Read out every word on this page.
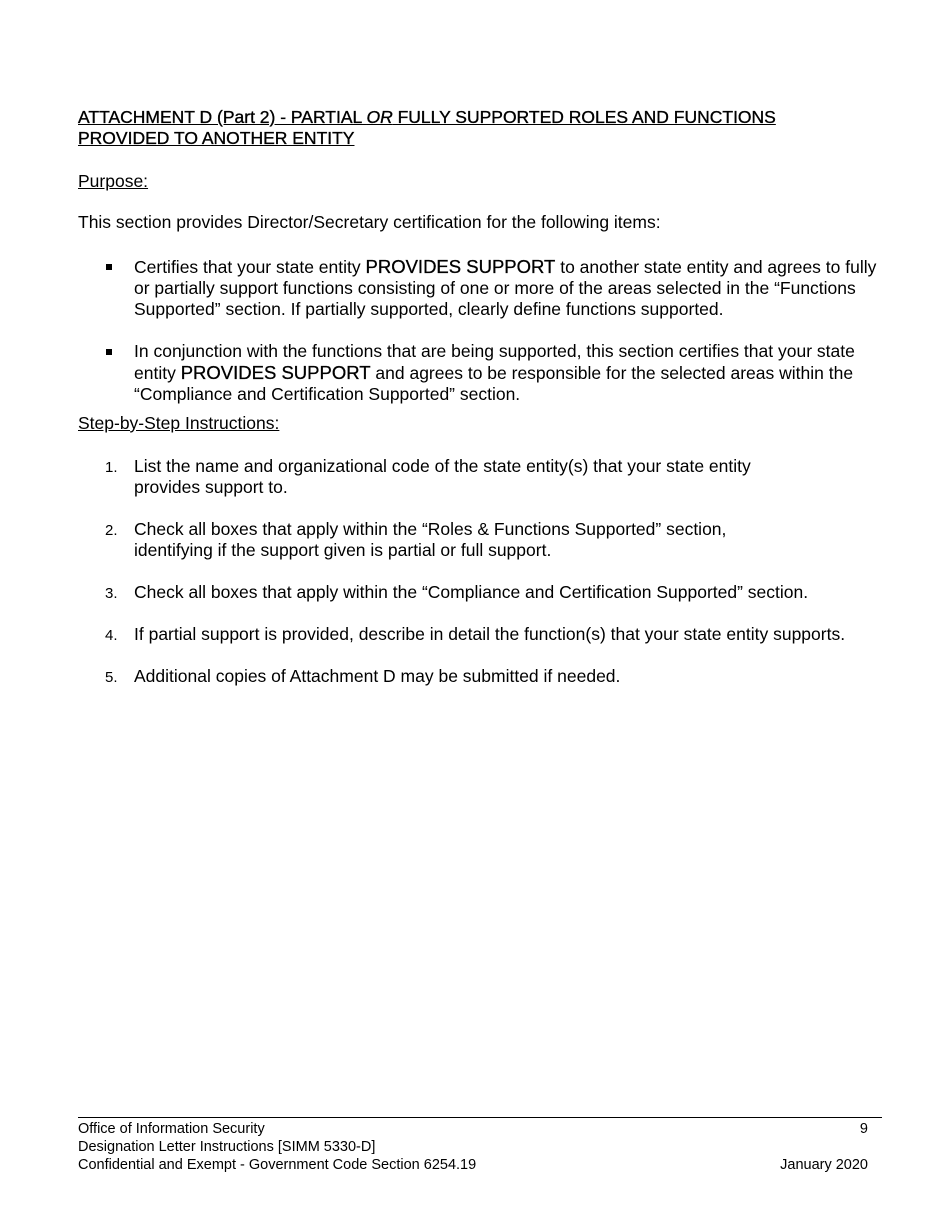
ATTACHMENT D (Part 2) - PARTIAL OR FULLY SUPPORTED ROLES AND FUNCTIONS PROVIDED TO ANOTHER ENTITY
Purpose:
This section provides Director/Secretary certification for the following items:
Certifies that your state entity PROVIDES SUPPORT to another state entity and agrees to fully or partially support functions consisting of one or more of the areas selected in the “Functions Supported” section. If partially supported, clearly define functions supported.
In conjunction with the functions that are being supported, this section certifies that your state entity PROVIDES SUPPORT and agrees to be responsible for the selected areas within the “Compliance and Certification Supported” section.
Step-by-Step Instructions:
1. List the name and organizational code of the state entity(s) that your state entity provides support to.
2. Check all boxes that apply within the “Roles & Functions Supported” section, identifying if the support given is partial or full support.
3. Check all boxes that apply within the “Compliance and Certification Supported” section.
4. If partial support is provided, describe in detail the function(s) that your state entity supports.
5. Additional copies of Attachment D may be submitted if needed.
Office of Information Security
Designation Letter Instructions [SIMM 5330-D]
Confidential and Exempt - Government Code Section 6254.19
9
January 2020
